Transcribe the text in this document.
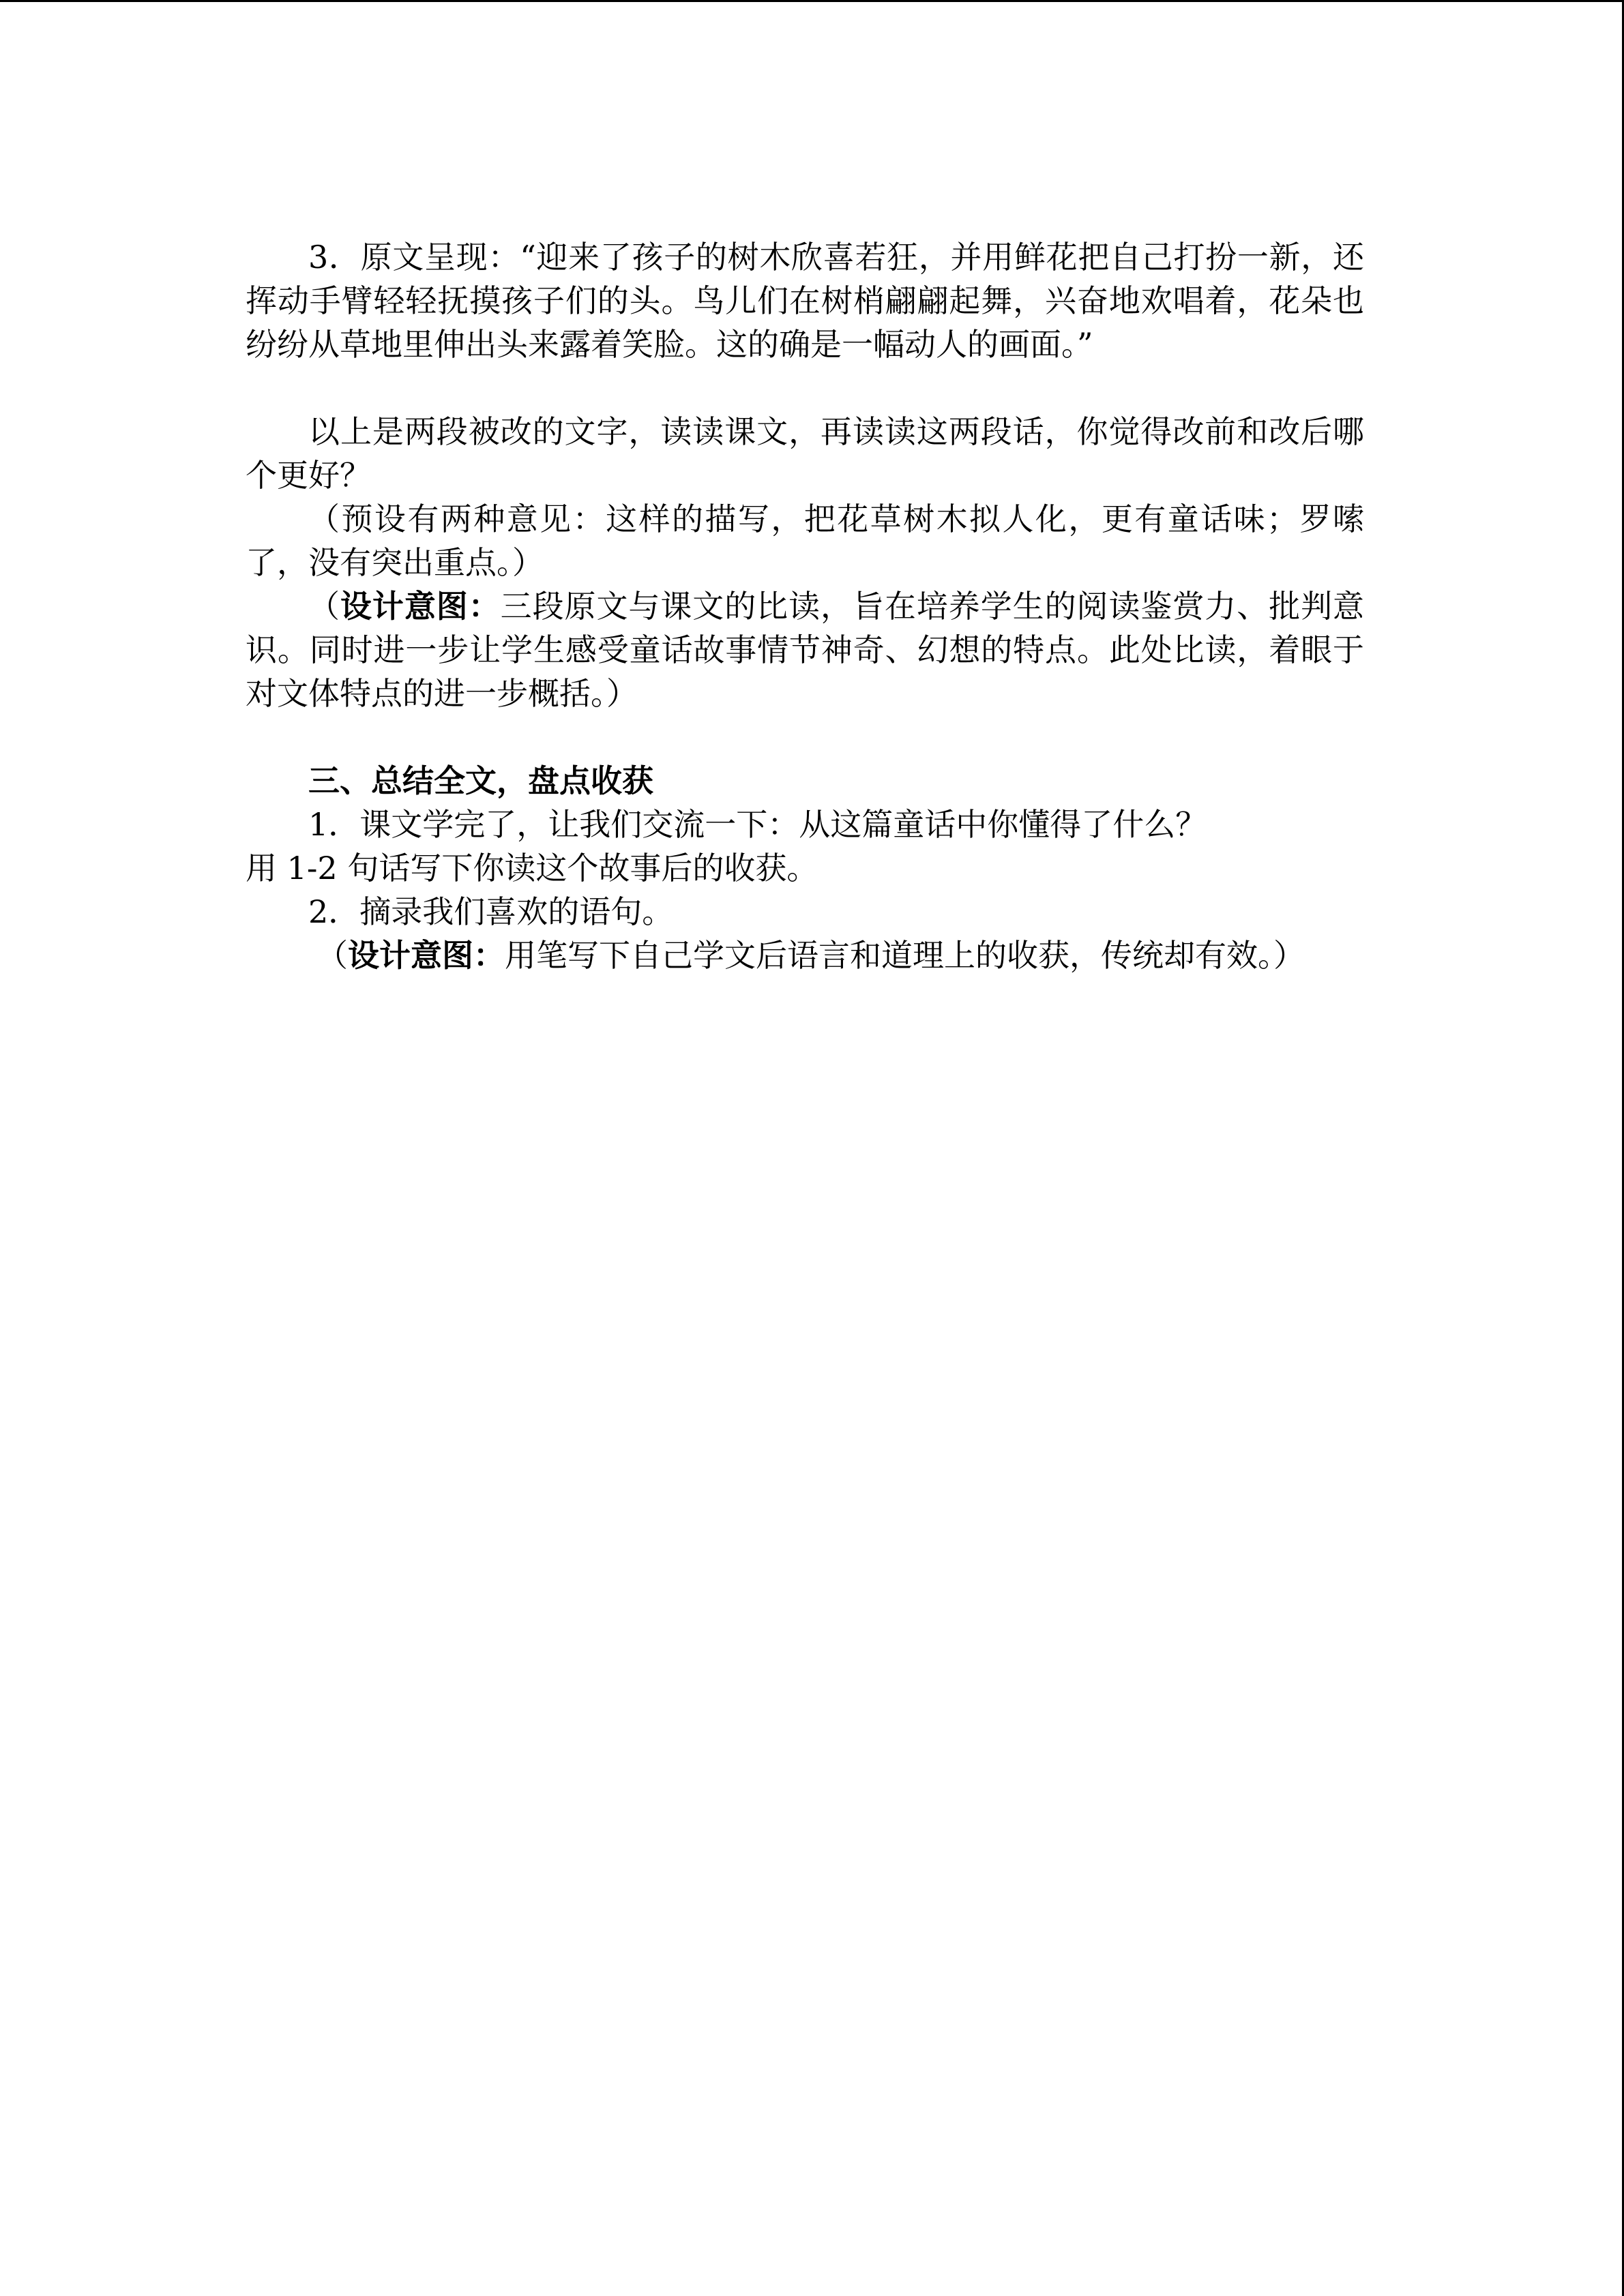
3．原文呈现：“迎来了孩子的树木欣喜若狂，并用鲜花把自己打扮一新，还挥动手臂轻轻抚摸孩子们的头。鸟儿们在树梢翩翩起舞，兴奋地欢唱着，花朵也纷纷从草地里伸出头来露着笑脸。这的确是一幅动人的画面。”

以上是两段被改的文字，读读课文，再读读这两段话，你觉得改前和改后哪个更好？

（预设有两种意见：这样的描写，把花草树木拟人化，更有童话味；罗嗦了，没有突出重点。）

（设计意图：三段原文与课文的比读，旨在培养学生的阅读鉴赏力、批判意识。同时进一步让学生感受童话故事情节神奇、幻想的特点。此处比读，着眼于对文体特点的进一步概括。）

三、总结全文，盘点收获

1．课文学完了，让我们交流一下：从这篇童话中你懂得了什么？

用 1-2 句话写下你读这个故事后的收获。

2．摘录我们喜欢的语句。

（设计意图：用笔写下自己学文后语言和道理上的收获，传统却有效。）
